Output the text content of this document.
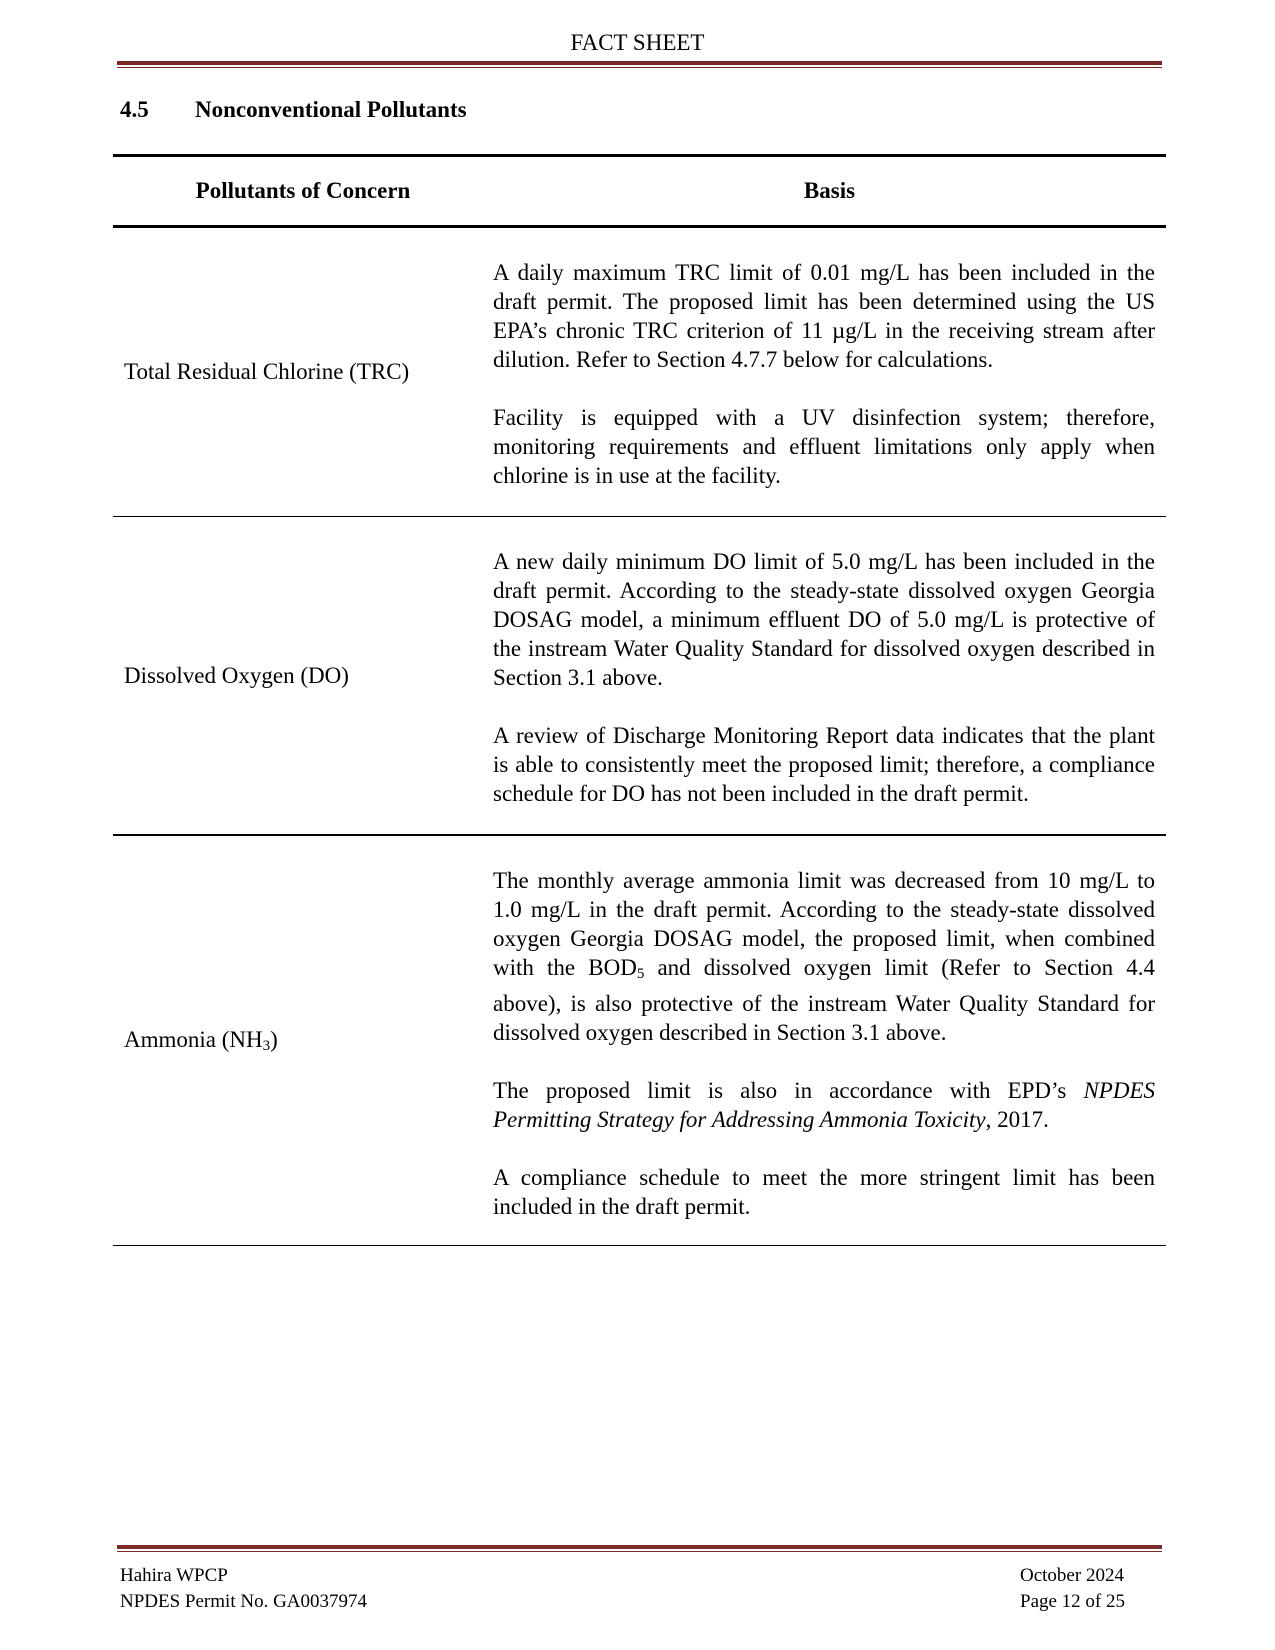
FACT SHEET
4.5 Nonconventional Pollutants
Pollutants of Concern	Basis
Total Residual Chlorine (TRC)	A daily maximum TRC limit of 0.01 mg/L has been included in the draft permit. The proposed limit has been determined using the US EPA’s chronic TRC criterion of 11 µg/L in the receiving stream after dilution. Refer to Section 4.7.7 below for calculations.

Facility is equipped with a UV disinfection system; therefore, monitoring requirements and effluent limitations only apply when chlorine is in use at the facility.

Dissolved Oxygen (DO)	A new daily minimum DO limit of 5.0 mg/L has been included in the draft permit. According to the steady-state dissolved oxygen Georgia DOSAG model, a minimum effluent DO of 5.0 mg/L is protective of the instream Water Quality Standard for dissolved oxygen described in Section 3.1 above.

A review of Discharge Monitoring Report data indicates that the plant is able to consistently meet the proposed limit; therefore, a compliance schedule for DO has not been included in the draft permit.

Ammonia $(NH_3)$	The monthly average ammonia limit was decreased from 10 mg/L to 1.0 mg/L in the draft permit. According to the steady-state dissolved oxygen Georgia DOSAG model, the proposed limit, when combined with the $BOD_5$ and dissolved oxygen limit (Refer to Section 4.4 above), is also protective of the instream Water Quality Standard for dissolved oxygen described in Section 3.1 above.

The proposed limit is also in accordance with EPD’s NPDES Permitting Strategy for Addressing Ammonia Toxicity, 2017.

A compliance schedule to meet the more stringent limit has been included in the draft permit.

Hahira WPCP
NPDES Permit No. GA0037974
October 2024
Page 12 of 25
